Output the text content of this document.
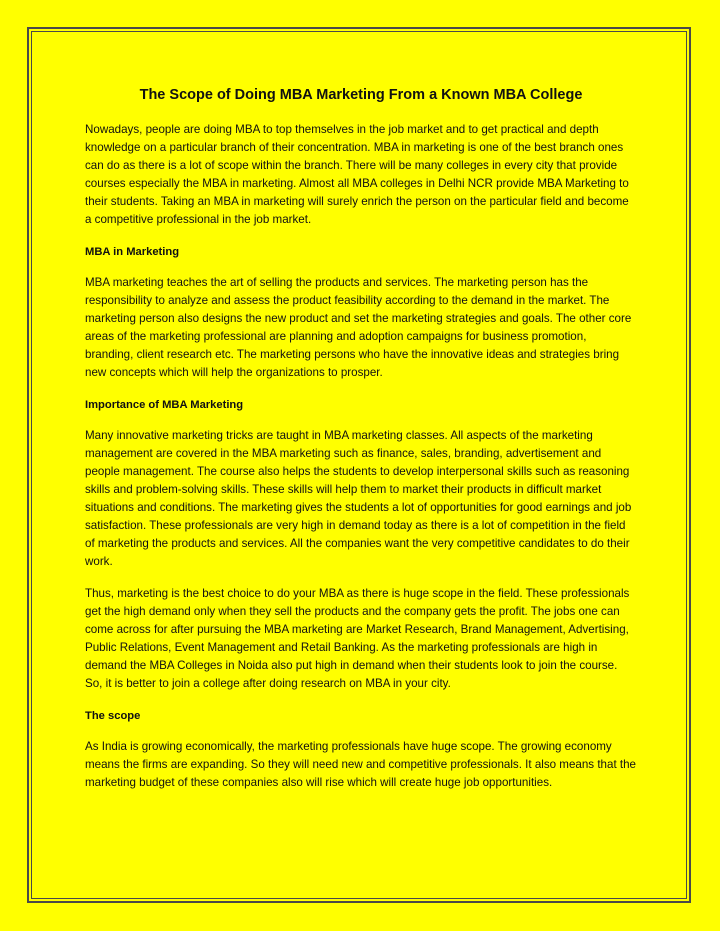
The Scope of Doing MBA Marketing From a Known MBA College

Nowadays, people are doing MBA to top themselves in the job market and to get practical and depth knowledge on a particular branch of their concentration. MBA in marketing is one of the best branch ones can do as there is a lot of scope within the branch. There will be many colleges in every city that provide courses especially the MBA in marketing. Almost all MBA colleges in Delhi NCR provide MBA Marketing to their students. Taking an MBA in marketing will surely enrich the person on the particular field and become a competitive professional in the job market.

MBA in Marketing

MBA marketing teaches the art of selling the products and services. The marketing person has the responsibility to analyze and assess the product feasibility according to the demand in the market. The marketing person also designs the new product and set the marketing strategies and goals. The other core areas of the marketing professional are planning and adoption campaigns for business promotion, branding, client research etc. The marketing persons who have the innovative ideas and strategies bring new concepts which will help the organizations to prosper.

Importance of MBA Marketing

Many innovative marketing tricks are taught in MBA marketing classes. All aspects of the marketing management are covered in the MBA marketing such as finance, sales, branding, advertisement and people management. The course also helps the students to develop interpersonal skills such as reasoning skills and problem-solving skills. These skills will help them to market their products in difficult market situations and conditions. The marketing gives the students a lot of opportunities for good earnings and job satisfaction. These professionals are very high in demand today as there is a lot of competition in the field of marketing the products and services. All the companies want the very competitive candidates to do their work.

Thus, marketing is the best choice to do your MBA as there is huge scope in the field. These professionals get the high demand only when they sell the products and the company gets the profit. The jobs one can come across for after pursuing the MBA marketing are Market Research, Brand Management, Advertising, Public Relations, Event Management and Retail Banking. As the marketing professionals are high in demand the MBA Colleges in Noida also put high in demand when their students look to join the course. So, it is better to join a college after doing research on MBA in your city.

The scope

As India is growing economically, the marketing professionals have huge scope. The growing economy means the firms are expanding. So they will need new and competitive professionals. It also means that the marketing budget of these companies also will rise which will create huge job opportunities.
